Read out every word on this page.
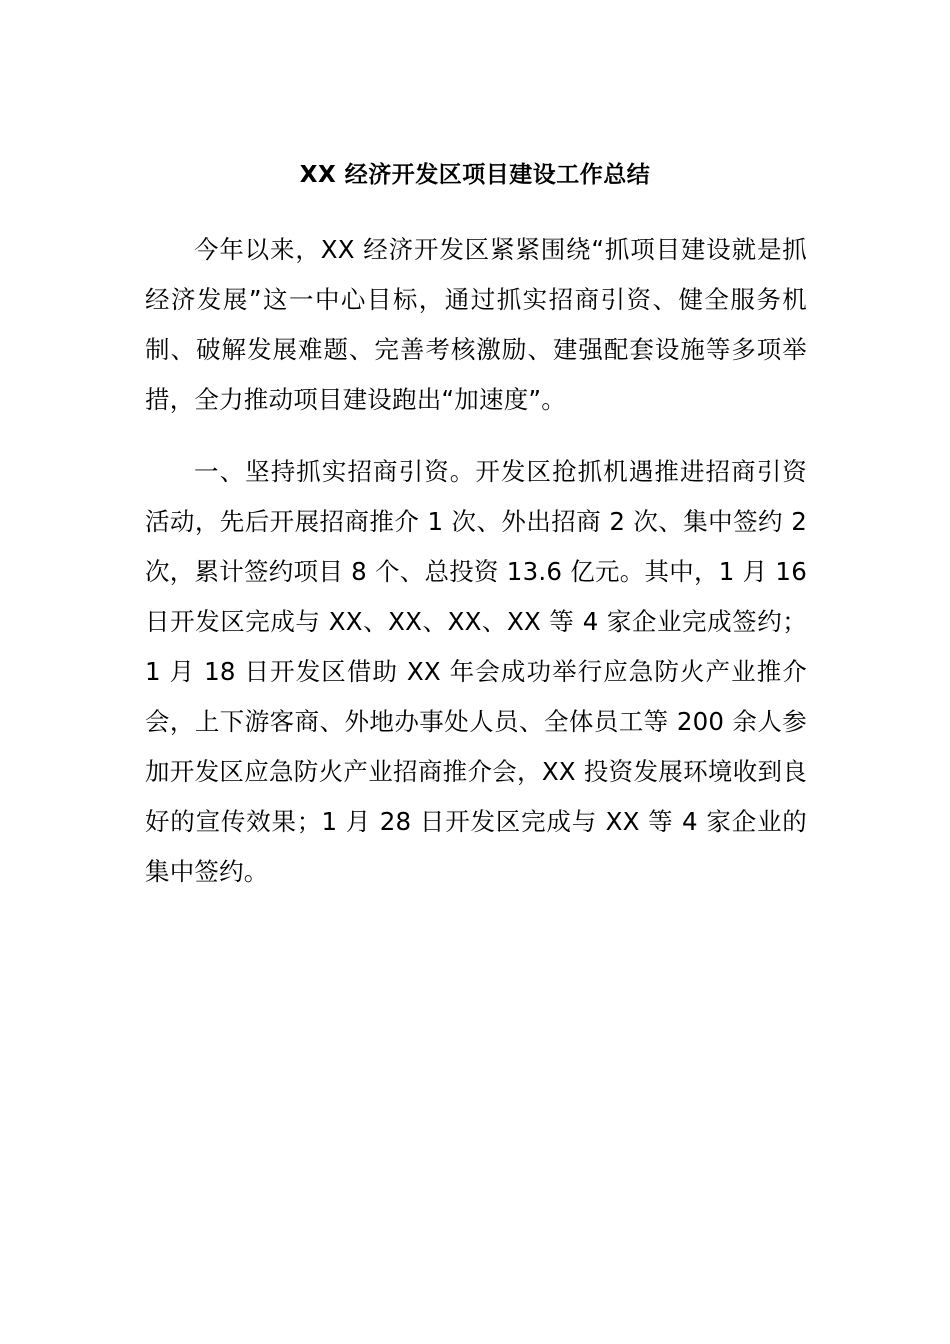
XX 经济开发区项目建设工作总结

今年以来，XX 经济开发区紧紧围绕“抓项目建设就是抓经济发展”这一中心目标，通过抓实招商引资、健全服务机制、破解发展难题、完善考核激励、建强配套设施等多项举措，全力推动项目建设跑出“加速度”。

一、坚持抓实招商引资。开发区抢抓机遇推进招商引资活动，先后开展招商推介 1 次、外出招商 2 次、集中签约 2 次，累计签约项目 8 个、总投资 13.6 亿元。其中，1 月 16 日开发区完成与 XX、XX、XX、XX 等 4 家企业完成签约；1 月 18 日开发区借助 XX 年会成功举行应急防火产业推介会，上下游客商、外地办事处人员、全体员工等 200 余人参加开发区应急防火产业招商推介会，XX 投资发展环境收到良好的宣传效果；1 月 28 日开发区完成与 XX 等 4 家企业的集中签约。
